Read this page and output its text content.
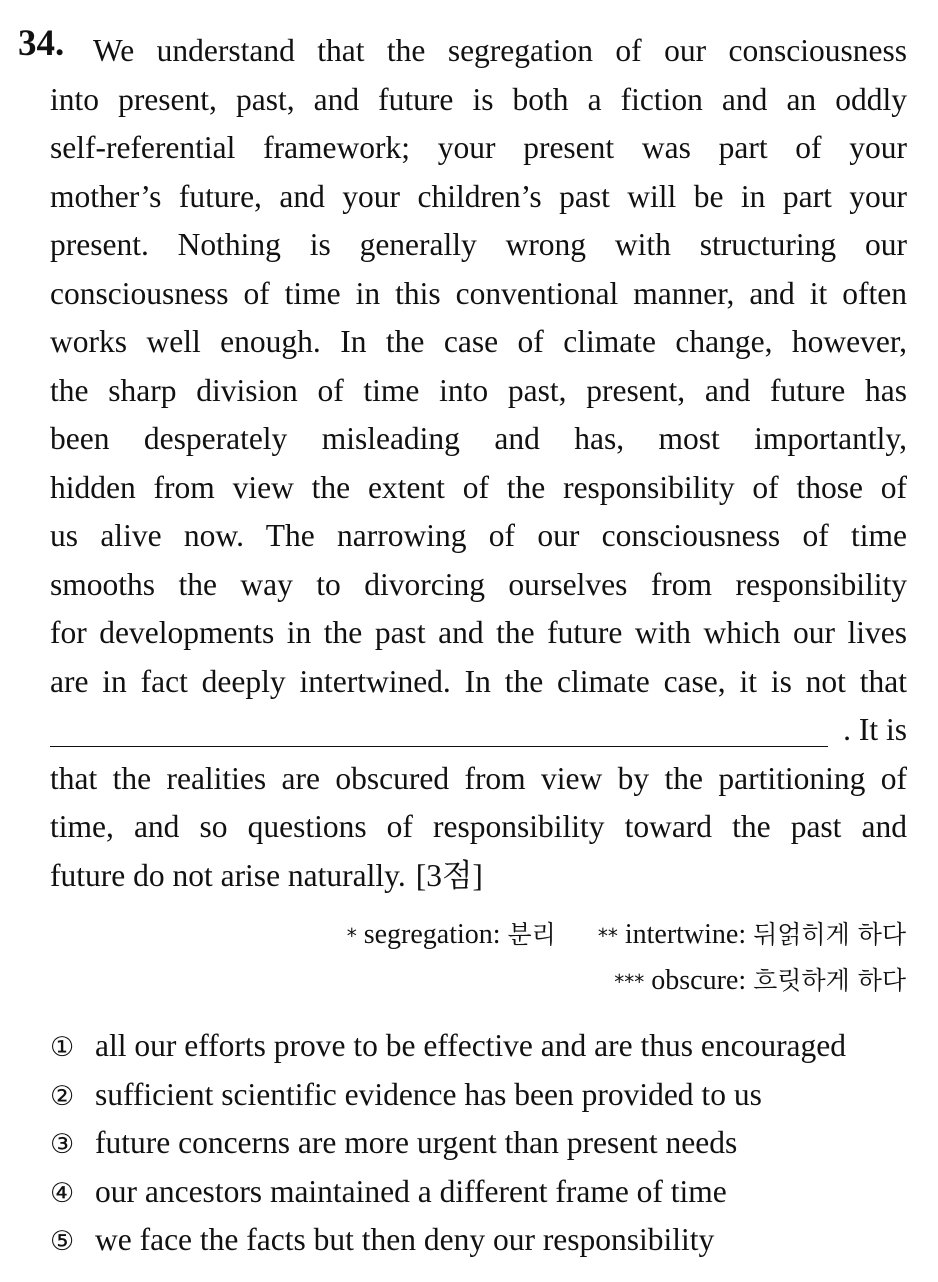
34. We understand that the segregation of our consciousness
into present, past, and future is both a fiction and an oddly
self-referential framework; your present was part of your
mother’s future, and your children’s past will be in part your
present. Nothing is generally wrong with structuring our
consciousness of time in this conventional manner, and it often
works well enough. In the case of climate change, however,
the sharp division of time into past, present, and future has
been desperately misleading and has, most importantly,
hidden from view the extent of the responsibility of those of
us alive now. The narrowing of our consciousness of time
smooths the way to divorcing ourselves from responsibility
for developments in the past and the future with which our lives
are in fact deeply intertwined. In the climate case, it is not that
. It is
that the realities are obscured from view by the partitioning of
time, and so questions of responsibility toward the past and
future do not arise naturally. [3점]
* segregation: 분리 ** intertwine: 뒤얽히게 하다
*** obscure: 흐릿하게 하다
① all our efforts prove to be effective and are thus encouraged
② sufficient scientific evidence has been provided to us
③ future concerns are more urgent than present needs
④ our ancestors maintained a different frame of time
⑤ we face the facts but then deny our responsibility
